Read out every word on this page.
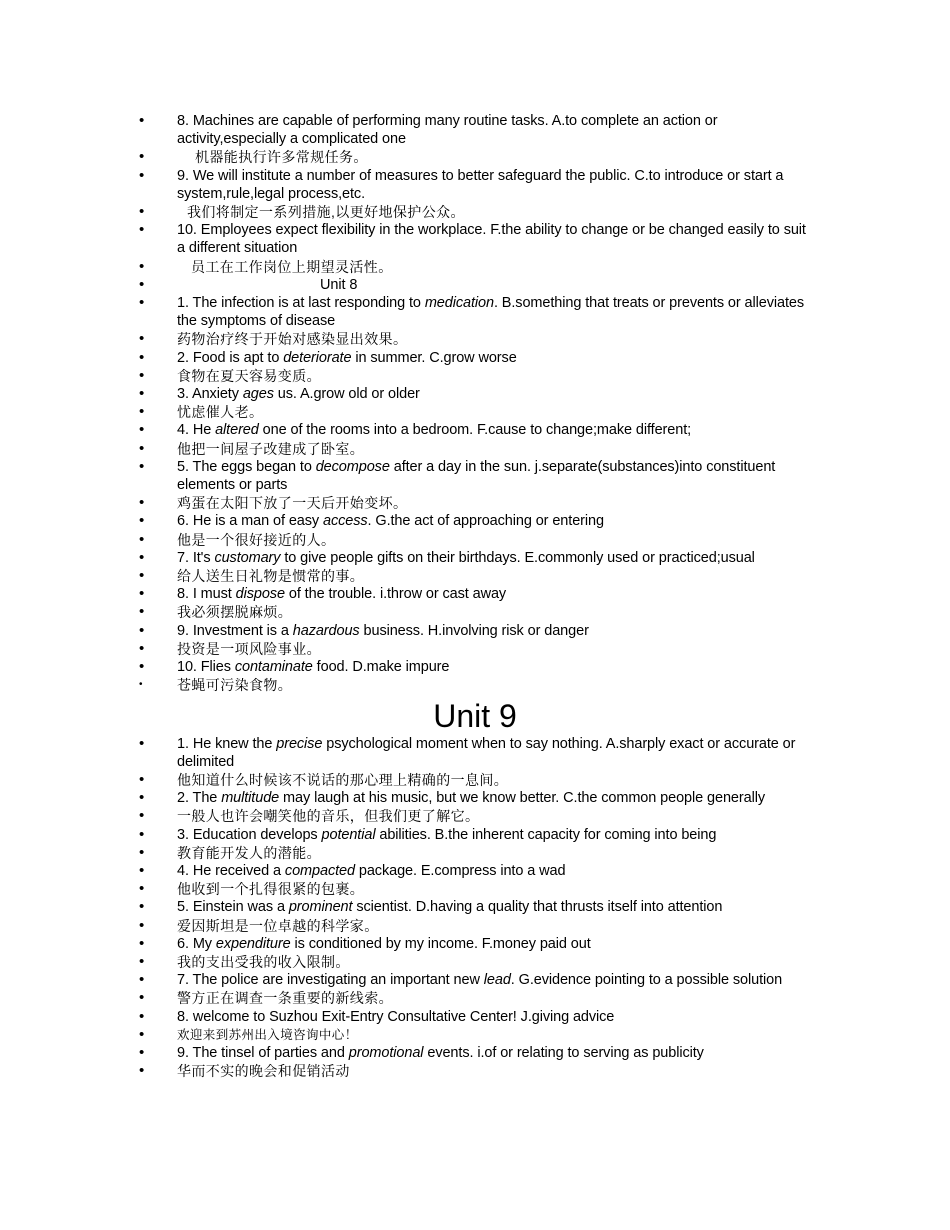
• 8. Machines are capable of performing many routine tasks. A.to complete an action or activity,especially a complicated one
•	机器能执行许多常规任务。
• 9. We will institute a number of measures to better safeguard the public. C.to introduce or start a system,rule,legal process,etc.
•	我们将制定一系列措施,以更好地保护公众。
• 10. Employees expect flexibility in the workplace. F.the ability to change or be changed easily to suit a different situation
•	员工在工作岗位上期望灵活性。
•	Unit 8
• 1. The infection is at last responding to medication. B.something that treats or prevents or alleviates the symptoms of disease
• 药物治疗终于开始对感染显出效果。
• 2. Food is apt to deteriorate in summer. C.grow worse
• 食物在夏天容易变质。
• 3. Anxiety ages us. A.grow old or older
• 忧虑催人老。
• 4. He altered one of the rooms into a bedroom. F.cause to change;make different;
• 他把一间屋子改建成了卧室。
• 5. The eggs began to decompose after a day in the sun. j.separate(substances)into constituent elements or parts
• 鸡蛋在太阳下放了一天后开始变坏。
• 6. He is a man of easy access. G.the act of approaching or entering
• 他是一个很好接近的人。
• 7. It's customary to give people gifts on their birthdays. E.commonly used or practiced;usual
• 给人送生日礼物是惯常的事。
• 8. I must dispose of the trouble. i.throw or cast away
• 我必须摆脱麻烦。
• 9. Investment is a hazardous business. H.involving risk or danger
• 投资是一项风险事业。
• 10. Flies contaminate food. D.make impure
• 苍蝇可污染食物。
Unit 9
• 1. He knew the precise psychological moment when to say nothing. A.sharply exact or accurate or delimited
• 他知道什么时候该不说话的那心理上精确的一息间。
• 2. The multitude may laugh at his music, but we know better. C.the common people generally
• 一般人也许会嘲笑他的音乐，但我们更了解它。
• 3. Education develops potential abilities. B.the inherent capacity for coming into being
• 教育能开发人的潜能。
• 4. He received a compacted package. E.compress into a wad
• 他收到一个扎得很紧的包裹。
• 5. Einstein was a prominent scientist. D.having a quality that thrusts itself into attention
• 爱因斯坦是一位卓越的科学家。
• 6. My expenditure is conditioned by my income. F.money paid out
• 我的支出受我的收入限制。
• 7. The police are investigating an important new lead. G.evidence pointing to a possible solution
• 警方正在调查一条重要的新线索。
• 8. welcome to Suzhou Exit-Entry Consultative Center! J.giving advice
•	欢迎来到苏州出入境咨询中心！
• 9. The tinsel of parties and promotional events. i.of or relating to serving as publicity
• 华而不实的晚会和促销活动
